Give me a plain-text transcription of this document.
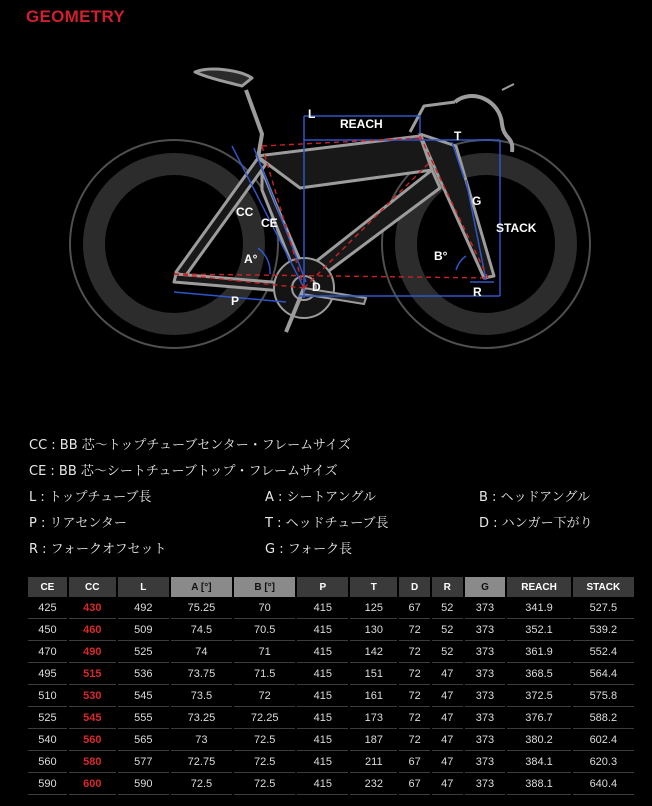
GEOMETRY
L
REACH
T
G
STACK
CC
CE
A°	B°
D
P
R
CC : BB 芯〜トップチューブセンター・フレームサイズ
CE : BB 芯〜シートチューブトップ・フレームサイズ
L : トップチューブ長	A : シートアングル	B : ヘッドアングル
P : リアセンター	T : ヘッドチューブ長	D : ハンガー下がり
R : フォークオフセット	G : フォーク長
CE	CC	L	A [°]	B [°]	P	T	D	R	G	REACH	STACK
425	430	492	75.25	70	415	125	67	52	373	341.9	527.5
450	460	509	74.5	70.5	415	130	72	52	373	352.1	539.2
470	490	525	74	71	415	142	72	52	373	361.9	552.4
495	515	536	73.75	71.5	415	151	72	47	373	368.5	564.4
510	530	545	73.5	72	415	161	72	47	373	372.5	575.8
525	545	555	73.25	72.25	415	173	72	47	373	376.7	588.2
540	560	565	73	72.5	415	187	72	47	373	380.2	602.4
560	580	577	72.75	72.5	415	211	67	47	373	384.1	620.3
590	600	590	72.5	72.5	415	232	67	47	373	388.1	640.4
